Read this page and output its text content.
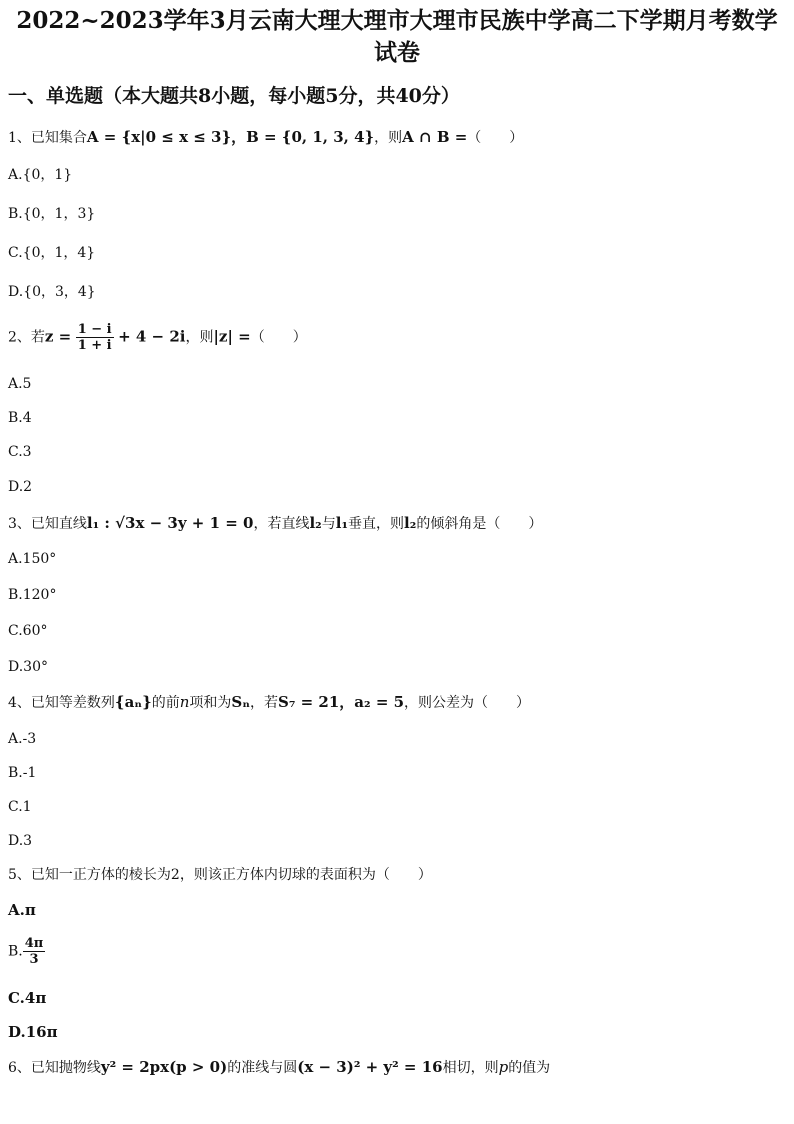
2022~2023学年3月云南大理大理市大理市民族中学高二下学期月考数学
试卷
一、单选题（本大题共8小题，每小题5分，共40分）
1、已知集合A = {x|0 ≤ x ≤ 3}，B = {0, 1, 3, 4}，则A ∩ B =（　　）
A.{0，1}
B.{0，1，3}
C.{0，1，4}
D.{0，3，4}
2、若$z = \frac{1 - i}{1 + i} + 4 - 2i$，则|z| =（　　）
A.5
B.4
C.3
D.2
3、已知直线l₁ : √3x − 3y + 1 = 0，若直线l₂与l₁垂直，则l₂的倾斜角是（　　）
A.150°
B.120°
C.60°
D.30°
4、已知等差数列{aₙ}的前n项和为Sₙ，若S₇ = 21，a₂ = 5，则公差为（　　）
A.-3
B.-1
C.1
D.3
5、已知一正方体的棱长为2，则该正方体内切球的表面积为（　　）
A.π
B. $\frac{4\pi}{3}$
C.4π
D.16π
6、已知抛物线y² = 2px(p > 0)的准线与圆(x − 3)² + y² = 16相切，则p的值为
